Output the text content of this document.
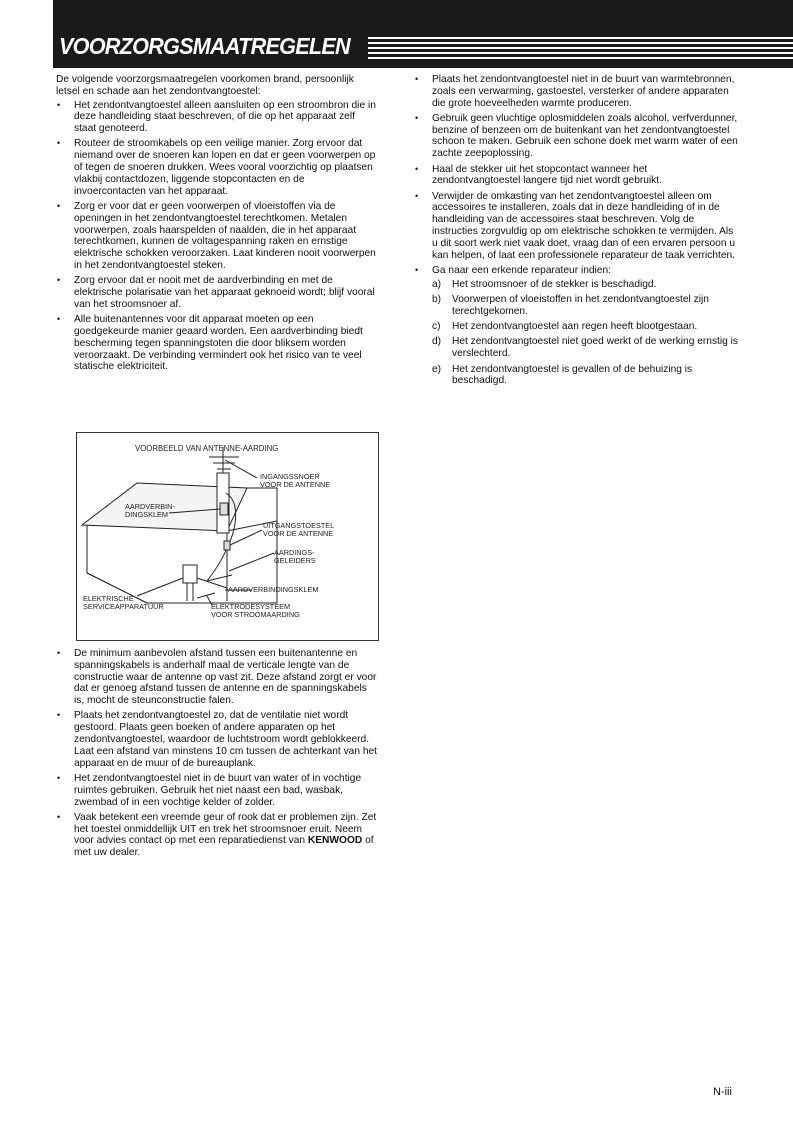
VOORZORGSMAATREGELEN

De volgende voorzorgsmaatregelen voorkomen brand, persoonlijk letsel en schade aan het zendontvangtoestel:

• Het zendontvangtoestel alleen aansluiten op een stroombron die in deze handleiding staat beschreven, of die op het apparaat zelf staat genoteerd.
• Routeer de stroomkabels op een veilige manier. Zorg ervoor dat niemand over de snoeren kan lopen en dat er geen voorwerpen op of tegen de snoeren drukken. Wees vooral voorzichtig op plaatsen vlakbij contactdozen, liggende stopcontacten en de invoercontacten van het apparaat.
• Zorg er voor dat er geen voorwerpen of vloeistoffen via de openingen in het zendontvangtoestel terechtkomen. Metalen voorwerpen, zoals haarspelden of naalden, die in het apparaat terechtkomen, kunnen de voltagespanning raken en ernstige elektrische schokken veroorzaken. Laat kinderen nooit voorwerpen in het zendontvangtoestel steken.
• Zorg ervoor dat er nooit met de aardverbinding en met de elektrische polarisatie van het apparaat geknoeid wordt; blijf vooral van het stroomsnoer af.
• Alle buitenantennes voor dit apparaat moeten op een goedgekeurde manier geaard worden. Een aardverbinding biedt bescherming tegen spanningstoten die door bliksem worden veroorzaakt. De verbinding vermindert ook het risico van te veel statische elektriciteit.
VOORBEELD VAN ANTENNE-AARDING
INGANGSSNOER
VOOR DE ANTENNE
AARDVERBIN-
DINGSKLEM
UITGANGSTOESTEL
VOOR DE ANTENNE
AARDINGS-
GELEIDERS
AARDVERBINDINGSKLEM
ELEKTRISCHE
SERVICEAPPARATUUR	ELEKTRODESYSTEEM
VOOR STROOMAARDING
• De minimum aanbevolen afstand tussen een buitenantenne en spanningskabels is anderhalf maal de verticale lengte van de constructie waar de antenne op vast zit. Deze afstand zorgt er voor dat er genoeg afstand tussen de antenne en de spanningskabels is, mocht de steunconstructie falen.
• Plaats het zendontvangtoestel zo, dat de ventilatie niet wordt gestoord. Plaats geen boeken of andere apparaten op het zendontvangtoestel, waardoor de luchtstroom wordt geblokkeerd. Laat een afstand van minstens 10 cm tussen de achterkant van het apparaat en de muur of de bureauplank.
• Het zendontvangtoestel niet in de buurt van water of in vochtige ruimtes gebruiken. Gebruik het niet naast een bad, wasbak, zwembad of in een vochtige kelder of zolder.
• Vaak betekent een vreemde geur of rook dat er problemen zijn. Zet het toestel onmiddellijk UIT en trek het stroomsnoer eruit. Neem voor advies contact op met een reparatiedienst van KENWOOD of met uw dealer.
• Plaats het zendontvangtoestel niet in de buurt van warmtebronnen, zoals een verwarming, gastoestel, versterker of andere apparaten die grote hoeveelheden warmte produceren.
• Gebruik geen vluchtige oplosmiddelen zoals alcohol, verfverdunner, benzine of benzeen om de buitenkant van het zendontvangtoestel schoon te maken. Gebruik een schone doek met warm water of een zachte zeepoplossing.
• Haal de stekker uit het stopcontact wanneer het zendontvangtoestel langere tijd niet wordt gebruikt.
• Verwijder de omkasting van het zendontvangtoestel alleen om accessoires te installeren, zoals dat in deze handleiding of in de handleiding van de accessoires staat beschreven. Volg de instructies zorgvuldig op om elektrische schokken te vermijden. Als u dit soort werk niet vaak doet, vraag dan of een ervaren persoon u kan helpen, of laat een professionele reparateur de taak verrichten.
• Ga naar een erkende reparateur indien:
a) Het stroomsnoer of de stekker is beschadigd.
b) Voorwerpen of vloeistoffen in het zendontvangtoestel zijn terechtgekomen.
c) Het zendontvangtoestel aan regen heeft blootgestaan.
d) Het zendontvangtoestel niet goed werkt of de werking ernstig is verslechterd.
e) Het zendontvangtoestel is gevallen of de behuizing is beschadigd.
N-iii
